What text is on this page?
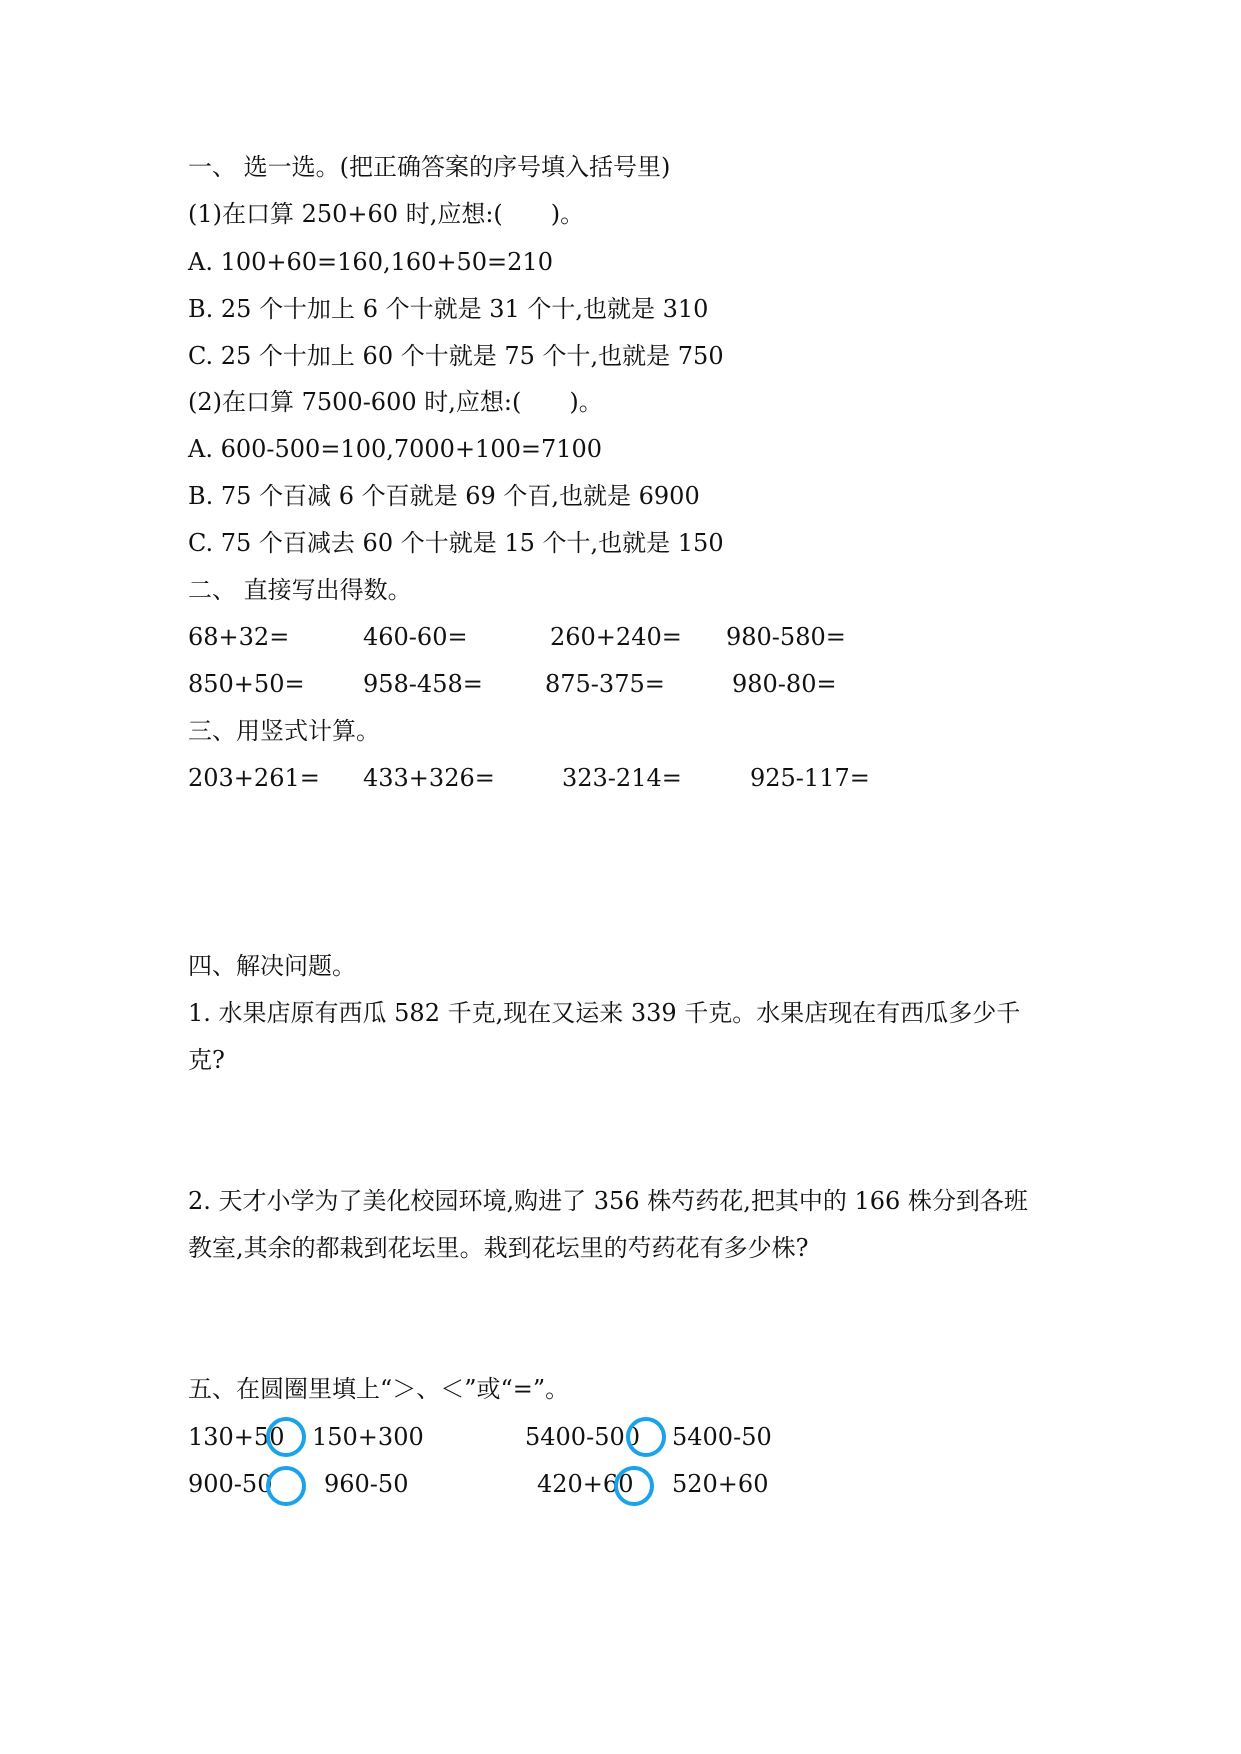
一、 选一选。(把正确答案的序号填入括号里)
(1)在口算 250+60 时,应想:(　　)。
A. 100+60=160,160+50=210
B. 25 个十加上 6 个十就是 31 个十,也就是 310
C. 25 个十加上 60 个十就是 75 个十,也就是 750
(2)在口算 7500-600 时,应想:(　　)。
A. 600-500=100,7000+100=7100
B. 75 个百减 6 个百就是 69 个百,也就是 6900
C. 75 个百减去 60 个十就是 15 个十,也就是 150
二、 直接写出得数。
68+32=	460-60=	260+240= 980-580=
850+50= 958-458=	875-375=	980-80=
三、用竖式计算。
203+261= 433+326=	323-214=	925-117=
四、解决问题。
1. 水果店原有西瓜 582 千克,现在又运来 339 千克。水果店现在有西瓜多少千
克?
2. 天才小学为了美化校园环境,购进了 356 株芍药花,把其中的 166 株分到各班
教室,其余的都栽到花坛里。栽到花坛里的芍药花有多少株?
五、在圆圈里填上“＞、＜”或“=”。
130+50 150+300	5400-500 5400-50
900-50 960-50	420+60 520+60
